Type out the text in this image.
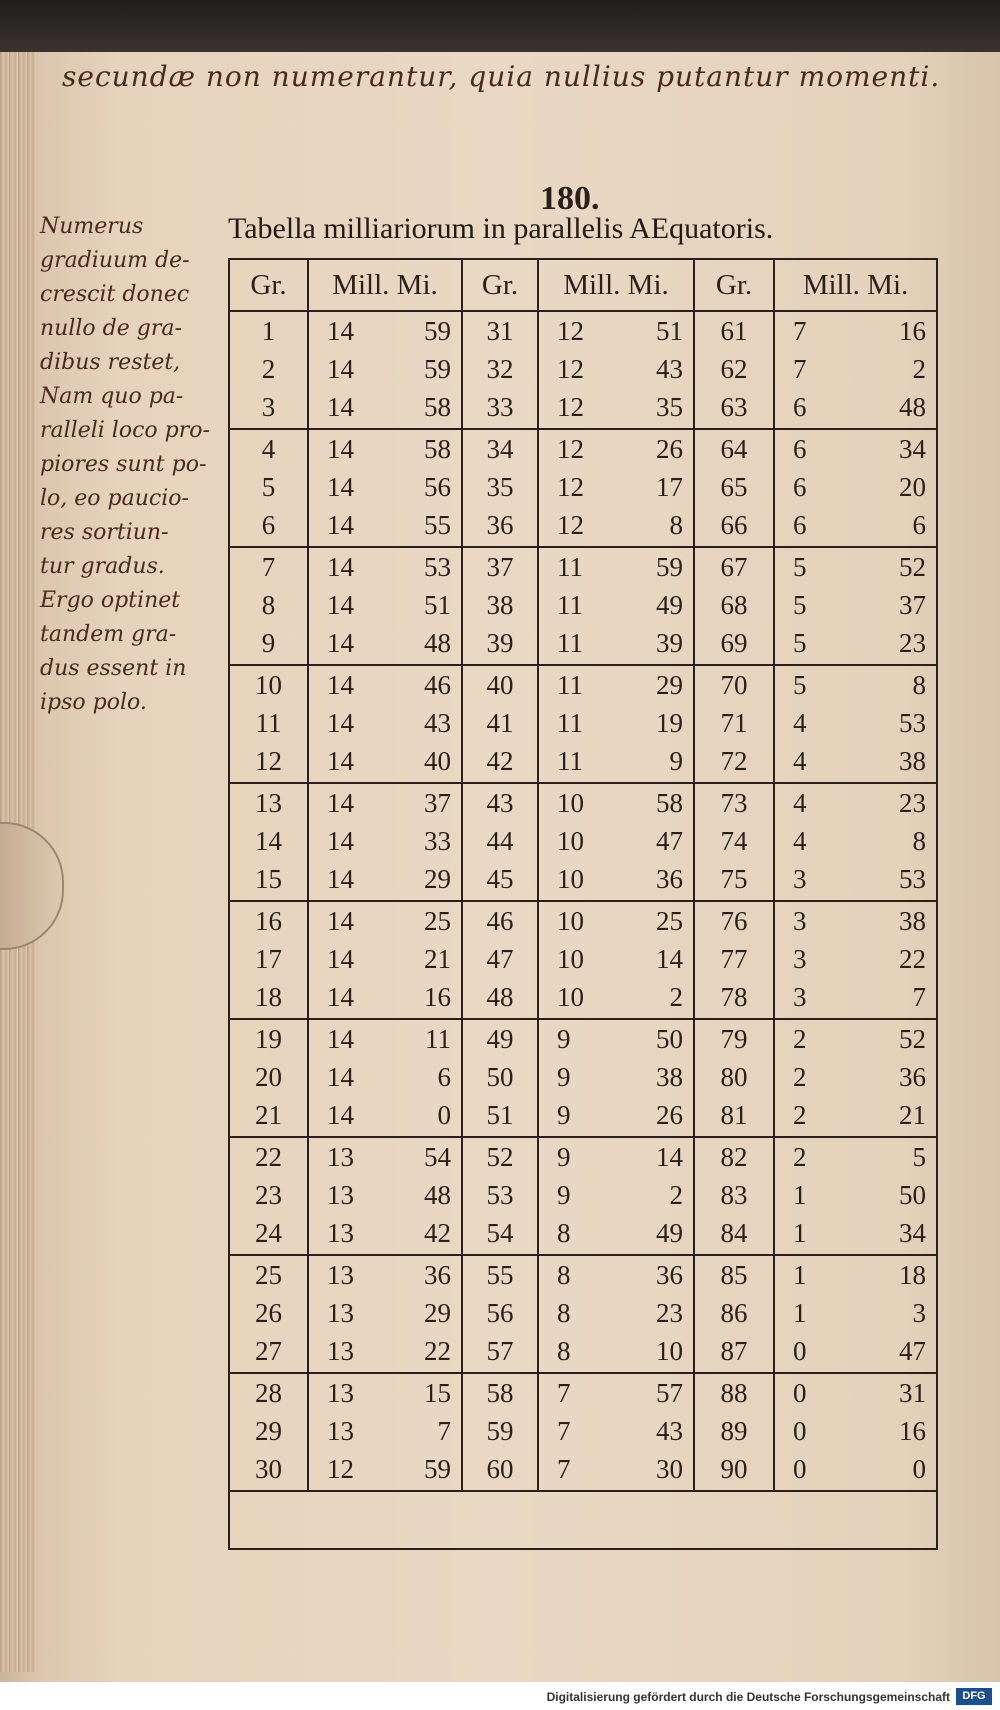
secundæ non numerantur, quia nullius putantur momenti.
Numerus
gradiuum de-
crescit donec
nullo de gra-
dibus restet,
Nam quo pa-
ralleli loco pro-
piores sunt po-
lo, eo paucio-
res sortiun-
tur gradus.
Ergo optinet
tandem gra-
dus essent in
ipso polo.
180.
Tabella milliariorum in parallelis AEquatoris.
Gr.	Mill. Mi.		Gr.	Mill. Mi.		Gr.	Mill. Mi.	
1	14	59	31	12	51	61	7	16
2	14	59	32	12	43	62	7	2
3	14	58	33	12	35	63	6	48
4	14	58	34	12	26	64	6	34
5	14	56	35	12	17	65	6	20
6	14	55	36	12	8	66	6	6
7	14	53	37	11	59	67	5	52
8	14	51	38	11	49	68	5	37
9	14	48	39	11	39	69	5	23
10	14	46	40	11	29	70	5	8
11	14	43	41	11	19	71	4	53
12	14	40	42	11	9	72	4	38
13	14	37	43	10	58	73	4	23
14	14	33	44	10	47	74	4	8
15	14	29	45	10	36	75	3	53
16	14	25	46	10	25	76	3	38
17	14	21	47	10	14	77	3	22
18	14	16	48	10	2	78	3	7
19	14	11	49	9	50	79	2	52
20	14	6	50	9	38	80	2	36
21	14	0	51	9	26	81	2	21
22	13	54	52	9	14	82	2	5
23	13	48	53	9	2	83	1	50
24	13	42	54	8	49	84	1	34
25	13	36	55	8	36	85	1	18
26	13	29	56	8	23	86	1	3
27	13	22	57	8	10	87	0	47
28	13	15	58	7	57	88	0	31
29	13	7	59	7	43	89	0	16
30	12	59	60	7	30	90	0	0
Digitalisierung gefördert durch die Deutsche Forschungsgemeinschaft	DFG
